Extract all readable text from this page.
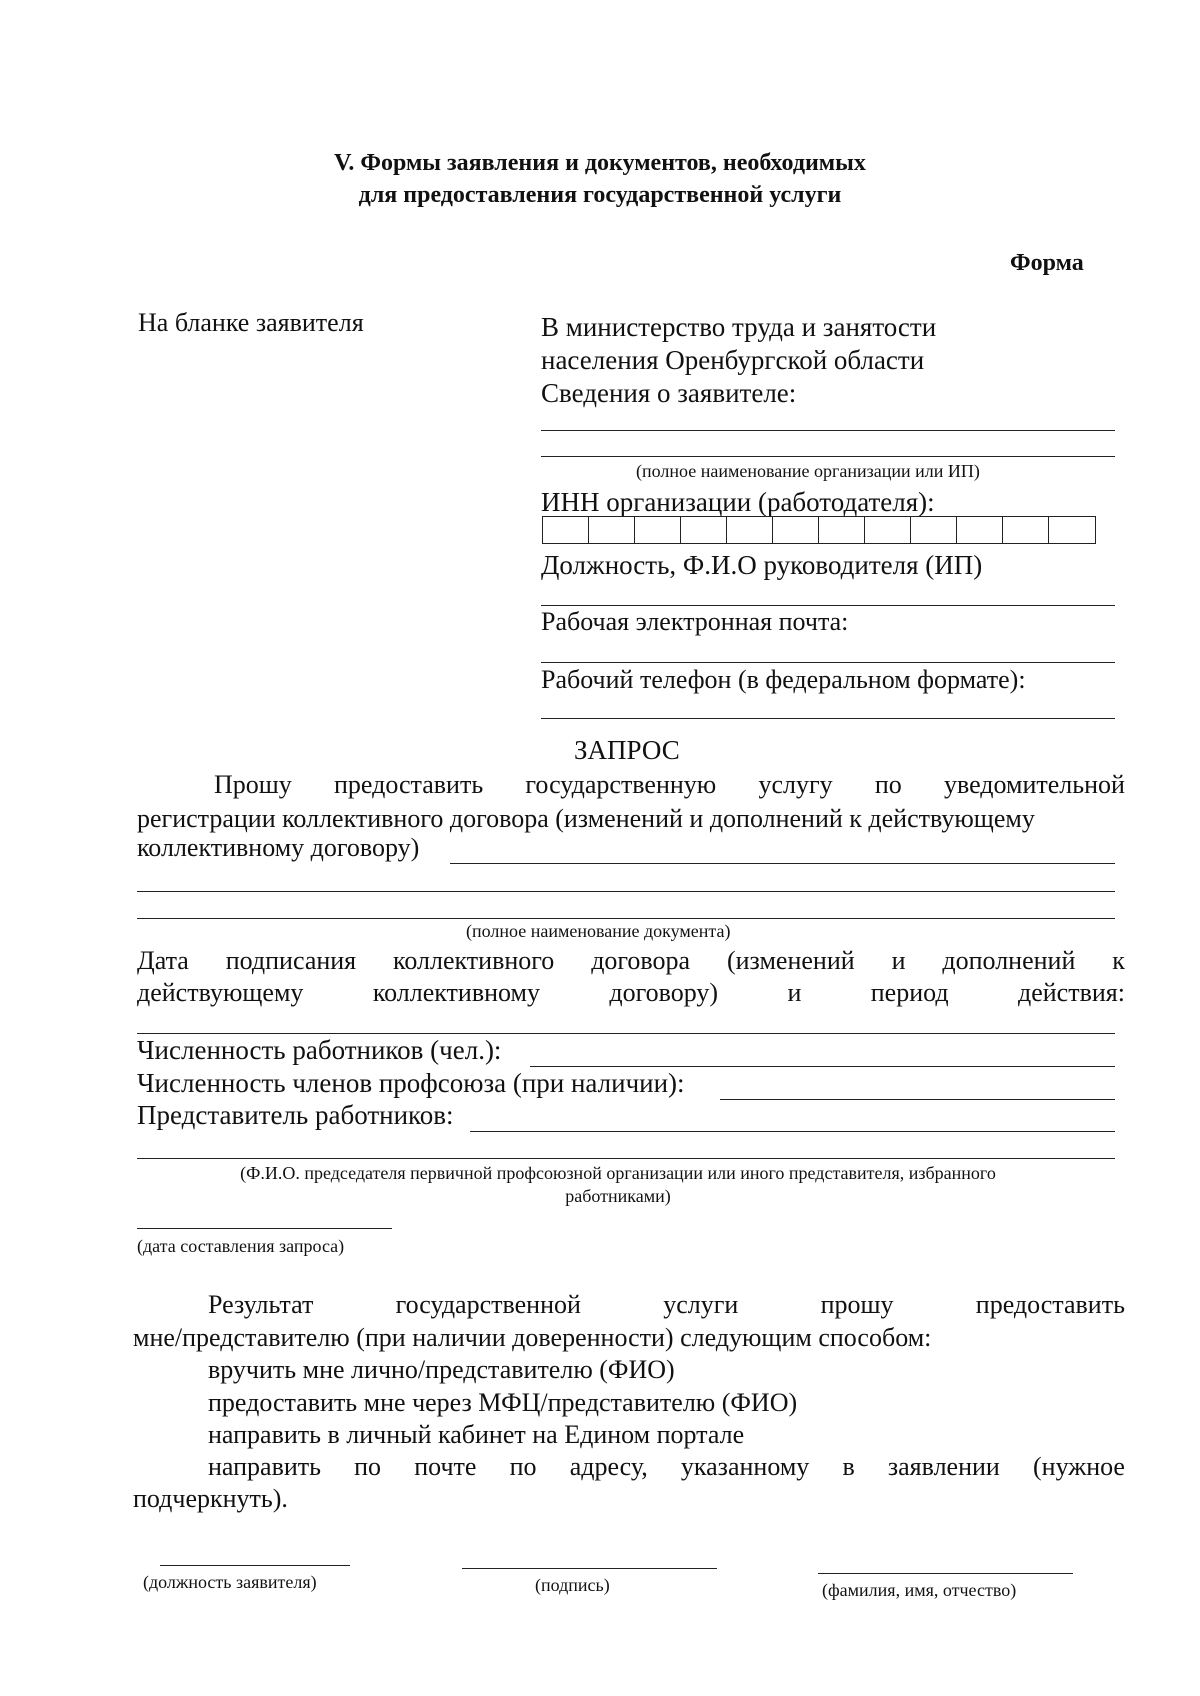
V. Формы заявления и документов, необходимых
для предоставления государственной услуги
Форма
На бланке заявителя	В министерство труда и занятости
населения Оренбургской области
Сведения о заявителе:
(полное наименование организации или ИП)
ИНН организации (работодателя):
Должность, Ф.И.О руководителя (ИП)
Рабочая электронная почта:
Рабочий телефон (в федеральном формате):
ЗАПРОС
Прошу предоставить государственную услугу по уведомительной
регистрации коллективного договора (изменений и дополнений к действующему
коллективному договору)
(полное наименование документа)
Дата подписания коллективного договора (изменений и дополнений к
действующему	коллективному	договору)	и	период	действия:
Численность работников (чел.):
Численность членов профсоюза (при наличии):
Представитель работников:
(Ф.И.О. председателя первичной профсоюзной организации или иного представителя, избранного
работниками)
(дата составления запроса)
Результат	государственной	услуги	прошу	предоставить
мне/представителю (при наличии доверенности) следующим способом:
вручить мне лично/представителю (ФИО)
предоставить мне через МФЦ/представителю (ФИО)
направить в личный кабинет на Едином портале
направить по почте по адресу, указанному в заявлении (нужное
подчеркнуть).
(должность заявителя)	(подпись)	(фамилия, имя, отчество)
